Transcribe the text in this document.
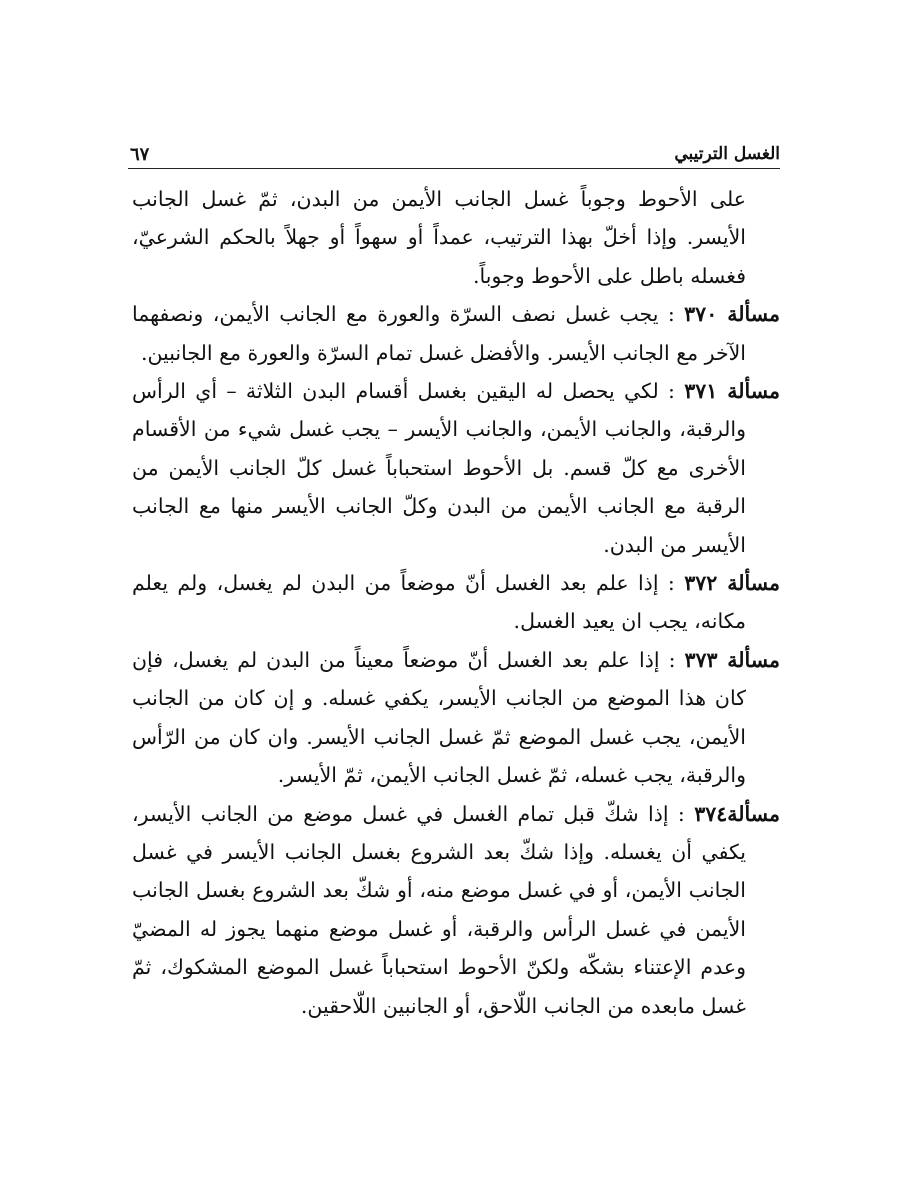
الغسل الترتيبي
٦٧

على الأحوط وجوباً غسل الجانب الأيمن من البدن، ثمّ غسل الجانب الأيسر. وإذا أخلّ بهذا الترتيب، عمداً أو سهواً أو جهلاً بالحكم الشرعيّ، فغسله باطل على الأحوط وجوباً.

مسألة ٣٧٠ : يجب غسل نصف السرّة والعورة مع الجانب الأيمن، ونصفهما الآخر مع الجانب الأيسر. والأفضل غسل تمام السرّة والعورة مع الجانبين.

مسألة ٣٧١ : لكي يحصل له اليقين بغسل أقسام البدن الثلاثة – أي الرأس والرقبة، والجانب الأيمن، والجانب الأيسر – يجب غسل شيء من الأقسام الأخرى مع كلّ قسم. بل الأحوط استحباباً غسل كلّ الجانب الأيمن من الرقبة مع الجانب الأيمن من البدن وكلّ الجانب الأيسر منها مع الجانب الأيسر من البدن.

مسألة ٣٧٢ : إذا علم بعد الغسل أنّ موضعاً من البدن لم يغسل، ولم يعلم مكانه، يجب ان يعيد الغسل.

مسألة ٣٧٣ : إذا علم بعد الغسل أنّ موضعاً معيناً من البدن لم يغسل، فإن كان هذا الموضع من الجانب الأيسر، يكفي غسله. و إن كان من الجانب الأيمن، يجب غسل الموضع ثمّ غسل الجانب الأيسر. وان كان من الرّأس والرقبة، يجب غسله، ثمّ غسل الجانب الأيمن، ثمّ الأيسر.

مسألة٣٧٤ : إذا شكّ قبل تمام الغسل في غسل موضع من الجانب الأيسر، يكفي أن يغسله. وإذا شكّ بعد الشروع بغسل الجانب الأيسر في غسل الجانب الأيمن، أو في غسل موضع منه، أو شكّ بعد الشروع بغسل الجانب الأيمن في غسل الرأس والرقبة، أو غسل موضع منهما يجوز له المضيّ وعدم الإعتناء بشكّه ولكنّ الأحوط استحباباً غسل الموضع المشكوك، ثمّ غسل مابعده من الجانب اللّاحق، أو الجانبين اللّاحقين.
